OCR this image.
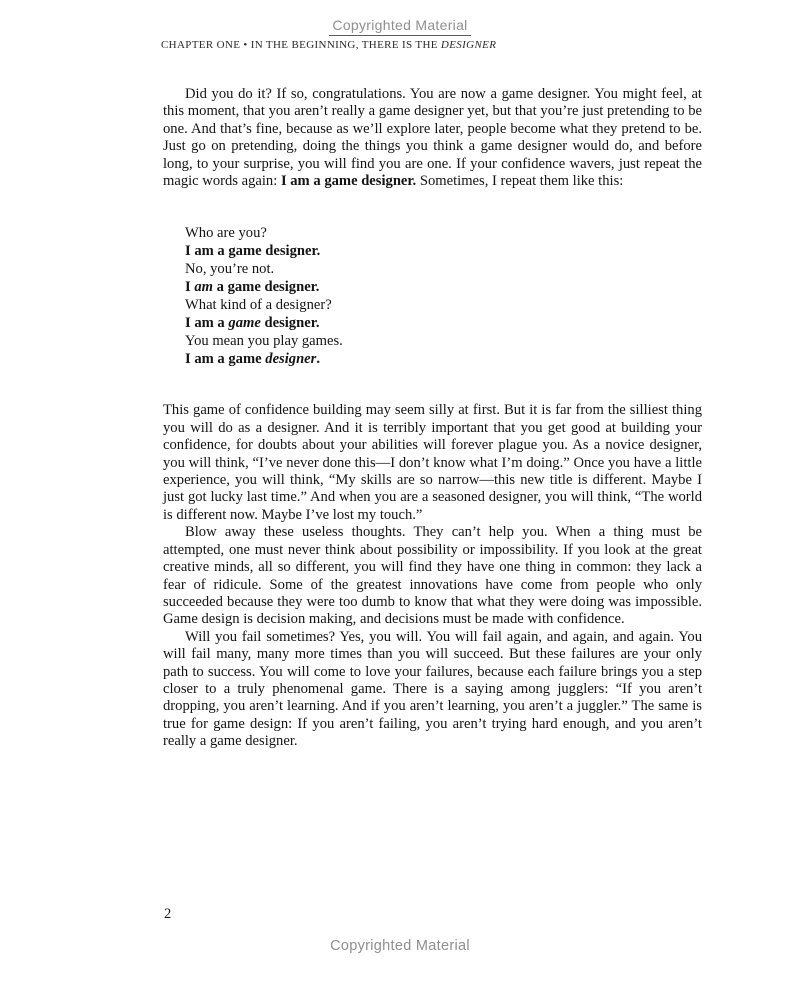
Copyrighted Material
CHAPTER ONE • IN THE BEGINNING, THERE IS THE DESIGNER

Did you do it? If so, congratulations. You are now a game designer. You might feel, at this moment, that you aren’t really a game designer yet, but that you’re just pretending to be one. And that’s fine, because as we’ll explore later, people become what they pretend to be. Just go on pretending, doing the things you think a game designer would do, and before long, to your surprise, you will find you are one. If your confidence wavers, just repeat the magic words again: I am a game designer. Sometimes, I repeat them like this:

Who are you?

I am a game designer.

No, you’re not.

I am a game designer.

What kind of a designer?

I am a game designer.

You mean you play games.

I am a game designer.

This game of confidence building may seem silly at first. But it is far from the silliest thing you will do as a designer. And it is terribly important that you get good at building your confidence, for doubts about your abilities will forever plague you. As a novice designer, you will think, “I’ve never done this—I don’t know what I’m doing.” Once you have a little experience, you will think, “My skills are so narrow—this new title is different. Maybe I just got lucky last time.” And when you are a seasoned designer, you will think, “The world is different now. Maybe I’ve lost my touch.”

Blow away these useless thoughts. They can’t help you. When a thing must be attempted, one must never think about possibility or impossibility. If you look at the great creative minds, all so different, you will find they have one thing in common: they lack a fear of ridicule. Some of the greatest innovations have come from people who only succeeded because they were too dumb to know that what they were doing was impossible. Game design is decision making, and decisions must be made with confidence.

Will you fail sometimes? Yes, you will. You will fail again, and again, and again. You will fail many, many more times than you will succeed. But these failures are your only path to success. You will come to love your failures, because each failure brings you a step closer to a truly phenomenal game. There is a saying among jugglers: “If you aren’t dropping, you aren’t learning. And if you aren’t learning, you aren’t a juggler.” The same is true for game design: If you aren’t failing, you aren’t trying hard enough, and you aren’t really a game designer.

2
Copyrighted Material
